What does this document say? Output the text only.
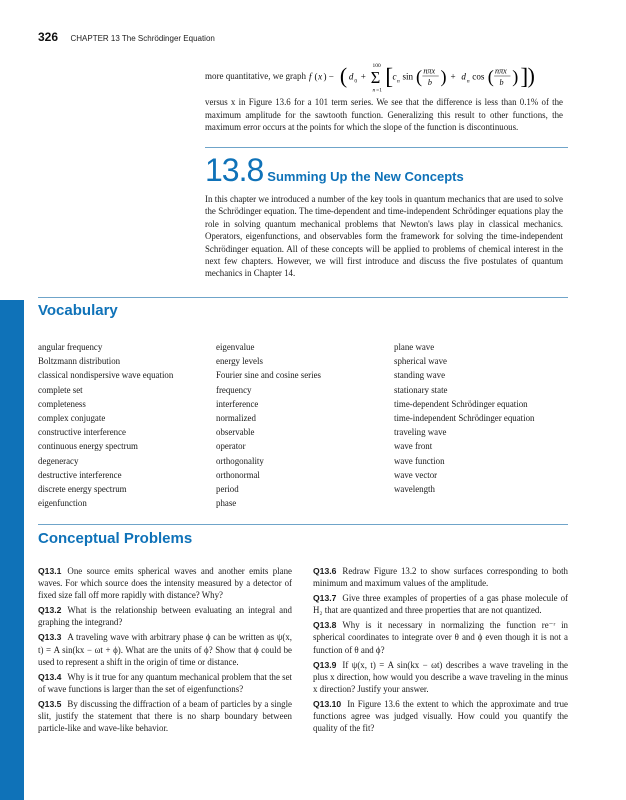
326 CHAPTER 13 The Schrödinger Equation
more quantitative, we graph f ( x ) − ( d 0 +
100
Σ
n =1
[ c n sin ( nπx
b ) + d n cos ( nπx
b ) ] )
versus x in Figure 13.6 for a 101 term series. We see that the difference is less than 0.1% of the maximum amplitude for the sawtooth function. Generalizing this result to other functions, the maximum error occurs at the points for which the slope of the function is discontinuous.
13.8 Summing Up the New Concepts
In this chapter we introduced a number of the key tools in quantum mechanics that are used to solve the Schrödinger equation. The time-dependent and time-independent Schrödinger equations play the role in solving quantum mechanical problems that Newton's laws play in classical mechanics. Operators, eigenfunctions, and observables form the framework for solving the time-independent Schrödinger equation. All of these concepts will be applied to problems of chemical interest in the next few chapters. However, we will first introduce and discuss the five postulates of quantum mechanics in Chapter 14.
Vocabulary
angular frequency
Boltzmann distribution
classical nondispersive wave equation
complete set
completeness
complex conjugate
constructive interference
continuous energy spectrum
degeneracy
destructive interference
discrete energy spectrum
eigenfunction
eigenvalue
energy levels
Fourier sine and cosine series
frequency
interference
normalized
observable
operator
orthogonality
orthonormal
period
phase
plane wave
spherical wave
standing wave
stationary state
time-dependent Schrödinger equation
time-independent Schrödinger equation
traveling wave
wave front
wave function
wave vector
wavelength
Conceptual Problems
Q13.1 One source emits spherical waves and another emits plane waves. For which source does the intensity measured by a detector of fixed size fall off more rapidly with distance? Why?
Q13.2 What is the relationship between evaluating an integral and graphing the integrand?
Q13.3 A traveling wave with arbitrary phase ϕ can be written as ψ(x, t) = A sin(kx − ωt + ϕ). What are the units of ϕ? Show that ϕ could be used to represent a shift in the origin of time or distance.
Q13.4 Why is it true for any quantum mechanical problem that the set of wave functions is larger than the set of eigenfunctions?
Q13.5 By discussing the diffraction of a beam of particles by a single slit, justify the statement that there is no sharp boundary between particle-like and wave-like behavior.
Q13.6 Redraw Figure 13.2 to show surfaces corresponding to both minimum and maximum values of the amplitude.
Q13.7 Give three examples of properties of a gas phase molecule of H₂ that are quantized and three properties that are not quantized.
Q13.8 Why is it necessary in normalizing the function re⁻ʳ in spherical coordinates to integrate over θ and ϕ even though it is not a function of θ and ϕ?
Q13.9 If ψ(x, t) = A sin(kx − ωt) describes a wave traveling in the plus x direction, how would you describe a wave traveling in the minus x direction? Justify your answer.
Q13.10 In Figure 13.6 the extent to which the approximate and true functions agree was judged visually. How could you quantify the quality of the fit?
